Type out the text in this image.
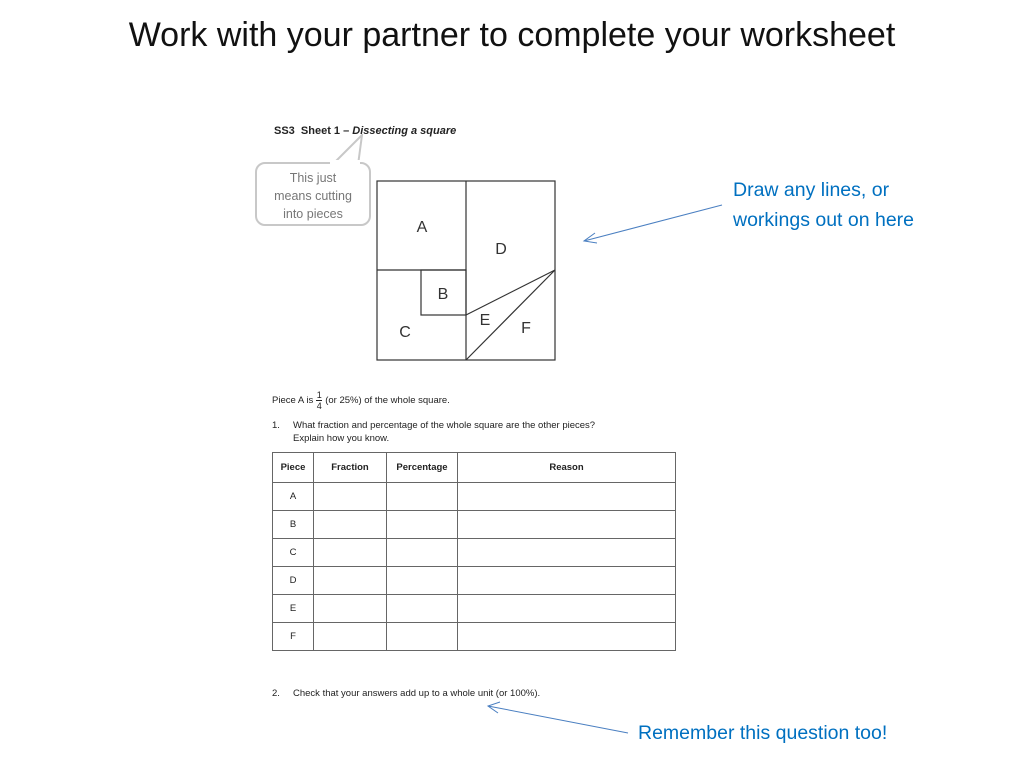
Work with your partner to complete your worksheet
SS3 Sheet 1 – Dissecting a square
This just
means cutting
into pieces
A
B
C
D
E F
Piece A is $\frac{1}{4} (or$ 25%) of the whole square.
1. What fraction and percentage of the whole square are the other pieces?
Explain how you know.
Piece	Fraction	Percentage	Reason
A			
B			
C			
D			
E			
F			
2. Check that your answers add up to a whole unit (or 100%).
Draw any lines, or
workings out on here
Remember this question too!
